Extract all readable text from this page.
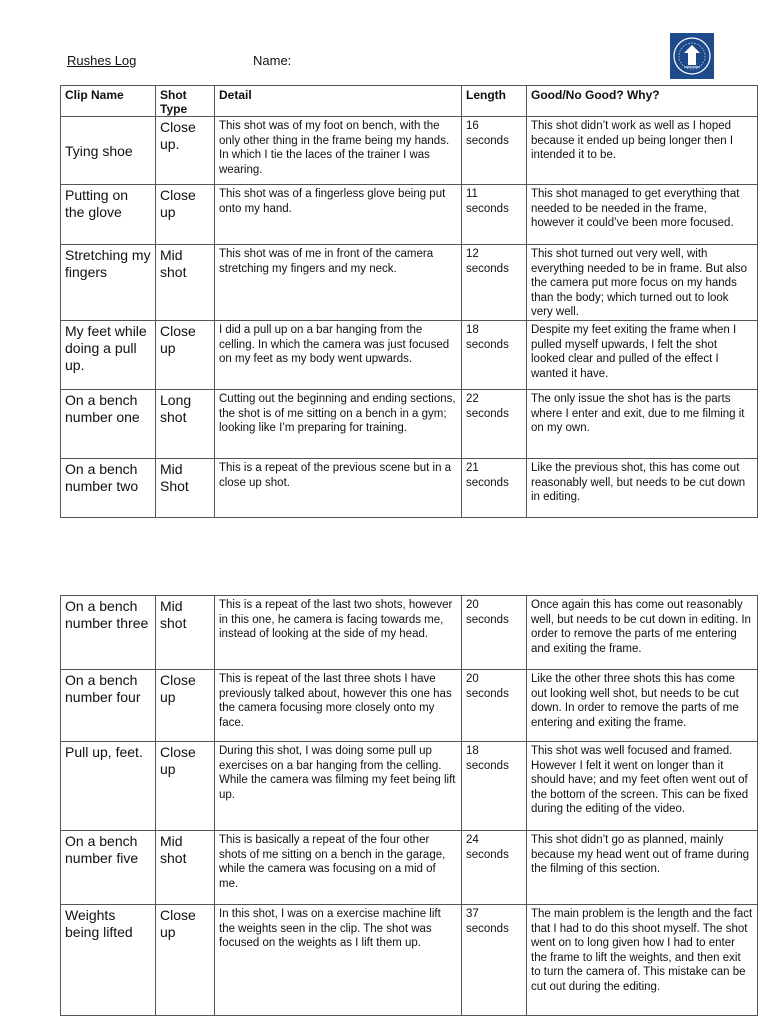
Rushes Log	Name:
Clip Name	Shot Type	Detail	Length	Good/No Good? Why?
Tying shoe	Close up.	This shot was of my foot on bench, with the only other thing in the frame being my hands. In which I tie the laces of the trainer I was wearing.	16 seconds	This shot didn’t work as well as I hoped because it ended up being longer then I intended it to be.
Putting on the glove	Close up	This shot was of a fingerless glove being put onto my hand.	11 seconds	This shot managed to get everything that needed to be needed in the frame, however it could’ve been more focused.
Stretching my fingers	Mid shot	This shot was of me in front of the camera stretching my fingers and my neck.	12 seconds	This shot turned out very well, with everything needed to be in frame. But also the camera put more focus on my hands than the body; which turned out to look very well.
My feet while doing a pull up.	Close up	I did a pull up on a bar hanging from the celling. In which the camera was just focused on my feet as my body went upwards.	18 seconds	Despite my feet exiting the frame when I pulled myself upwards, I felt the shot looked clear and pulled of the effect I wanted it have.
On a bench number one	Long shot	Cutting out the beginning and ending sections, the shot is of me sitting on a bench in a gym; looking like I’m preparing for training.	22 seconds	The only issue the shot has is the parts where I enter and exit, due to me filming it on my own.
On a bench number two	Mid Shot	This is a repeat of the previous scene but in a close up shot.	21 seconds	Like the previous shot, this has come out reasonably well, but needs to be cut down in editing.
On a bench number three	Mid shot	This is a repeat of the last two shots, however in this one, he camera is facing towards me, instead of looking at the side of my head.	20 seconds	Once again this has come out reasonably well, but needs to be cut down in editing. In order to remove the parts of me entering and exiting the frame.
On a bench number four	Close up	This is repeat of the last three shots I have previously talked about, however this one has the camera focusing more closely onto my face.	20 seconds	Like the other three shots this has come out looking well shot, but needs to be cut down. In order to remove the parts of me entering and exiting the frame.
Pull up, feet.	Close up	During this shot, I was doing some pull up exercises on a bar hanging from the celling. While the camera was filming my feet being lift up.	18 seconds	This shot was well focused and framed. However I felt it went on longer than it should have; and my feet often went out of the bottom of the screen. This can be fixed during the editing of the video.
On a bench number five	Mid shot	This is basically a repeat of the four other shots of me sitting on a bench in the garage, while the camera was focusing on a mid of me.	24 seconds	This shot didn’t go as planned, mainly because my head went out of frame during the filming of this section.
Weights being lifted	Close up	In this shot, I was on a exercise machine lift the weights seen in the clip. The shot was focused on the weights as I lift them up.	37 seconds	The main problem is the length and the fact that I had to do this shoot myself. The shot went on to long given how I had to enter the frame to lift the weights, and then exit to turn the camera of. This mistake can be cut out during the editing.
